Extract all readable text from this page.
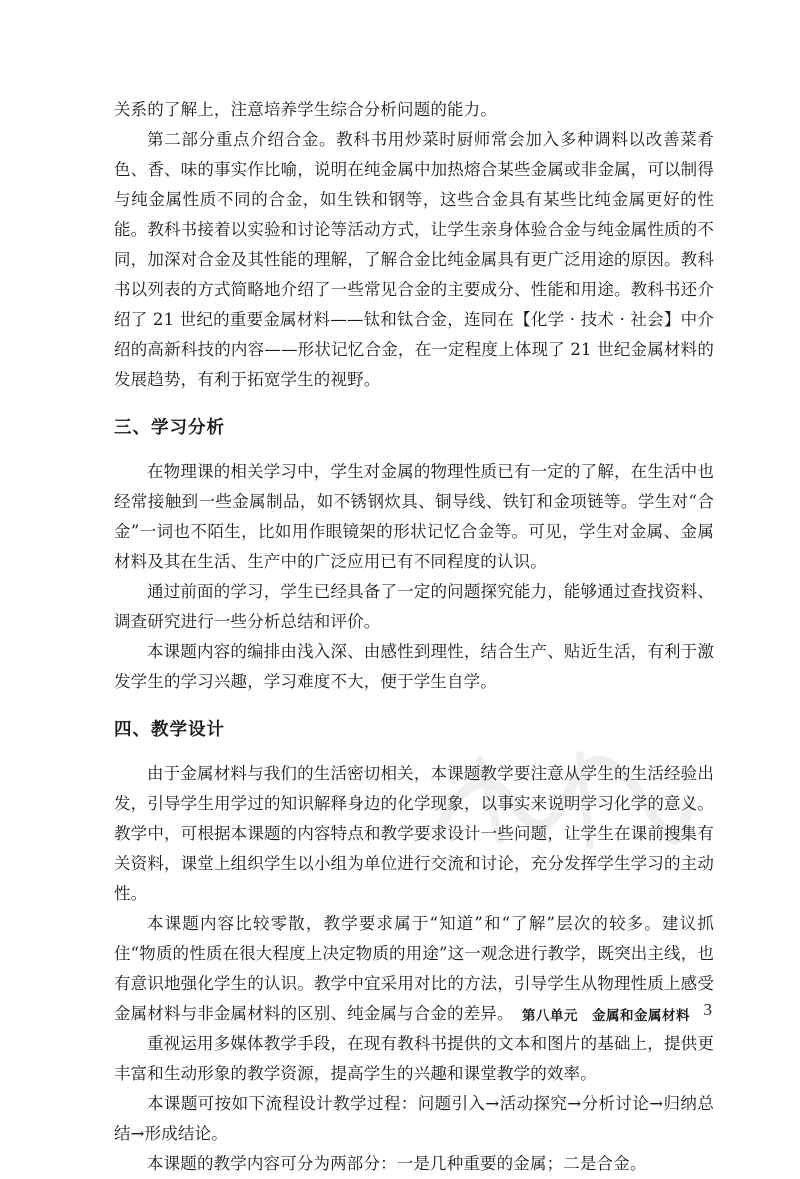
关系的了解上，注意培养学生综合分析问题的能力。

第二部分重点介绍合金。教科书用炒菜时厨师常会加入多种调料以改善菜肴色、香、味的事实作比喻，说明在纯金属中加热熔合某些金属或非金属，可以制得与纯金属性质不同的合金，如生铁和钢等，这些合金具有某些比纯金属更好的性能。教科书接着以实验和讨论等活动方式，让学生亲身体验合金与纯金属性质的不同，加深对合金及其性能的理解，了解合金比纯金属具有更广泛用途的原因。教科书以列表的方式简略地介绍了一些常见合金的主要成分、性能和用途。教科书还介绍了 21 世纪的重要金属材料——钛和钛合金，连同在【化学 · 技术 · 社会】中介绍的高新科技的内容——形状记忆合金，在一定程度上体现了 21 世纪金属材料的发展趋势，有利于拓宽学生的视野。

三、学习分析

在物理课的相关学习中，学生对金属的物理性质已有一定的了解，在生活中也经常接触到一些金属制品，如不锈钢炊具、铜导线、铁钉和金项链等。学生对“合金”一词也不陌生，比如用作眼镜架的形状记忆合金等。可见，学生对金属、金属材料及其在生活、生产中的广泛应用已有不同程度的认识。

通过前面的学习，学生已经具备了一定的问题探究能力，能够通过查找资料、调查研究进行一些分析总结和评价。

本课题内容的编排由浅入深、由感性到理性，结合生产、贴近生活，有利于激发学生的学习兴趣，学习难度不大，便于学生自学。

四、教学设计

由于金属材料与我们的生活密切相关，本课题教学要注意从学生的生活经验出发，引导学生用学过的知识解释身边的化学现象，以事实来说明学习化学的意义。教学中，可根据本课题的内容特点和教学要求设计一些问题，让学生在课前搜集有关资料，课堂上组织学生以小组为单位进行交流和讨论，充分发挥学生学习的主动性。

本课题内容比较零散，教学要求属于“知道”和“了解”层次的较多。建议抓住“物质的性质在很大程度上决定物质的用途”这一观念进行教学，既突出主线，也有意识地强化学生的认识。教学中宜采用对比的方法，引导学生从物理性质上感受金属材料与非金属材料的区别、纯金属与合金的差异。

重视运用多媒体教学手段，在现有教科书提供的文本和图片的基础上，提供更丰富和生动形象的教学资源，提高学生的兴趣和课堂教学的效率。

本课题可按如下流程设计教学过程：问题引入→活动探究→分析讨论→归纳总结→形成结论。

本课题的教学内容可分为两部分：一是几种重要的金属；二是合金。

第八单元　金属和金属材料 3
